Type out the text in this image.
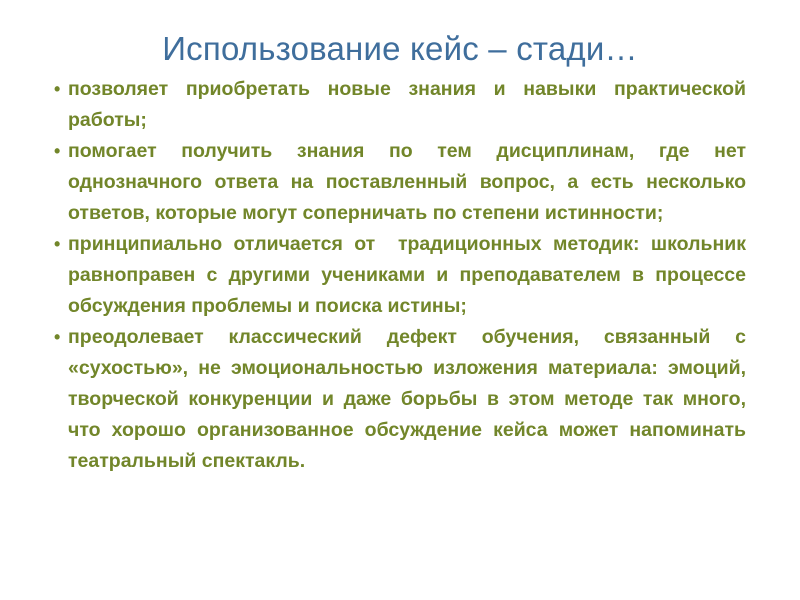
Использование кейс – стади…
• позволяет приобретать новые знания и навыки практической работы;
• помогает получить знания по тем дисциплинам, где нет однозначного ответа на поставленный вопрос, а есть несколько ответов, которые могут соперничать по степени истинности;
• принципиально отличается от  традиционных методик: школьник равноправен с другими учениками и преподавателем в процессе обсуждения проблемы и поиска истины;
• преодолевает классический дефект обучения, связанный с «сухостью», не эмоциональностью изложения материала: эмоций, творческой конкуренции и даже борьбы в этом методе так много, что хорошо организованное обсуждение кейса может напоминать театральный спектакль.
